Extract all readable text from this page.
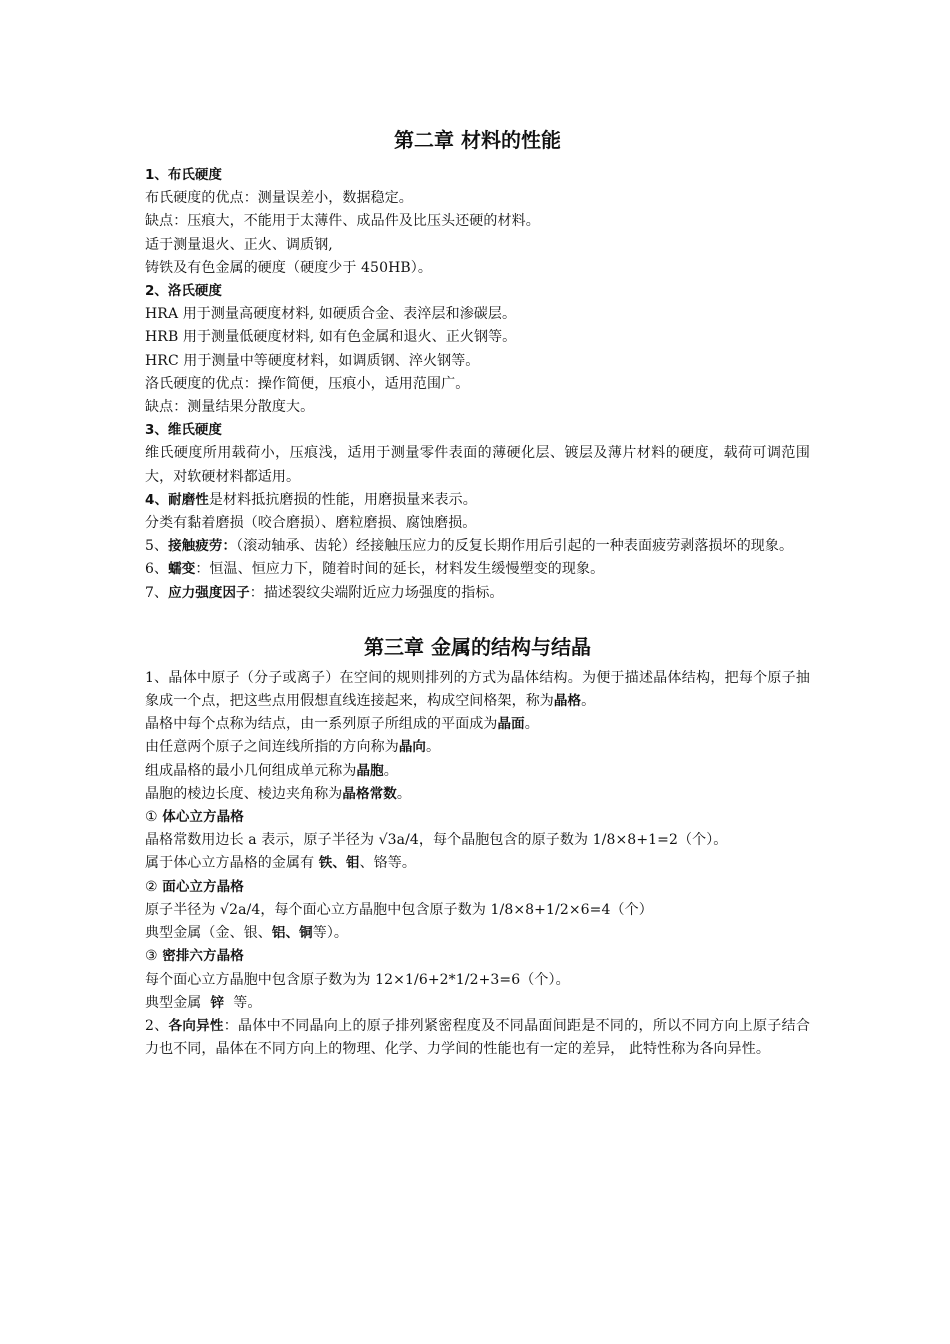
第二章 材料的性能

1、布氏硬度

布氏硬度的优点：测量误差小，数据稳定。

缺点：压痕大，不能用于太薄件、成品件及比压头还硬的材料。

适于测量退火、正火、调质钢,

铸铁及有色金属的硬度（硬度少于 450HB）。

2、洛氏硬度

HRA 用于测量高硬度材料, 如硬质合金、表淬层和渗碳层。

HRB 用于测量低硬度材料, 如有色金属和退火、正火钢等。

HRC 用于测量中等硬度材料，如调质钢、淬火钢等。

洛氏硬度的优点：操作简便，压痕小，适用范围广。

缺点：测量结果分散度大。

3、维氏硬度

维氏硬度所用载荷小，压痕浅，适用于测量零件表面的薄硬化层、镀层及薄片材料的硬度，载荷可调范围大，对软硬材料都适用。

4、耐磨性是材料抵抗磨损的性能，用磨损量来表示。

分类有黏着磨损（咬合磨损）、磨粒磨损、腐蚀磨损。

5、接触疲劳：（滚动轴承、齿轮）经接触压应力的反复长期作用后引起的一种表面疲劳剥落损坏的现象。

6、蠕变：恒温、恒应力下，随着时间的延长，材料发生缓慢塑变的现象。

7、应力强度因子：描述裂纹尖端附近应力场强度的指标。

第三章 金属的结构与结晶

1、晶体中原子（分子或离子）在空间的规则排列的方式为晶体结构。为便于描述晶体结构，把每个原子抽象成一个点，把这些点用假想直线连接起来，构成空间格架，称为晶格。

晶格中每个点称为结点，由一系列原子所组成的平面成为晶面。

由任意两个原子之间连线所指的方向称为晶向。

组成晶格的最小几何组成单元称为晶胞。

晶胞的棱边长度、棱边夹角称为晶格常数。

① 体心立方晶格

晶格常数用边长 a 表示，原子半径为 √3a/4，每个晶胞包含的原子数为 1/8×8+1=2（个）。

属于体心立方晶格的金属有 铁、钼、铬等。

② 面心立方晶格

原子半径为 √2a/4，每个面心立方晶胞中包含原子数为 1/8×8+1/2×6=4（个）

典型金属（金、银、铝、铜等）。

③ 密排六方晶格

每个面心立方晶胞中包含原子数为为 12×1/6+2*1/2+3=6（个）。

典型金属  锌  等。

2、各向异性：晶体中不同晶向上的原子排列紧密程度及不同晶面间距是不同的，所以不同方向上原子结合力也不同，晶体在不同方向上的物理、化学、力学间的性能也有一定的差异， 此特性称为各向异性。
